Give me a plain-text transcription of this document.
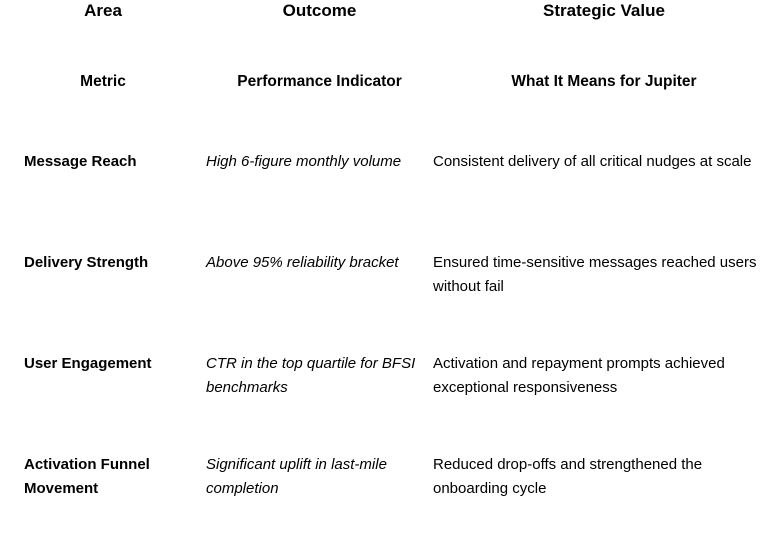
Area	Outcome	Strategic Value
Metric	Performance Indicator	What It Means for Jupiter
Message Reach	High 6-figure monthly volume	Consistent delivery of all critical nudges at scale
Delivery Strength	Above 95% reliability bracket	Ensured time-sensitive messages reached users without fail
User Engagement	CTR in the top quartile for BFSI benchmarks	Activation and repayment prompts achieved exceptional responsiveness
Activation Funnel Movement	Significant uplift in last-mile completion	Reduced drop-offs and strengthened the onboarding cycle
